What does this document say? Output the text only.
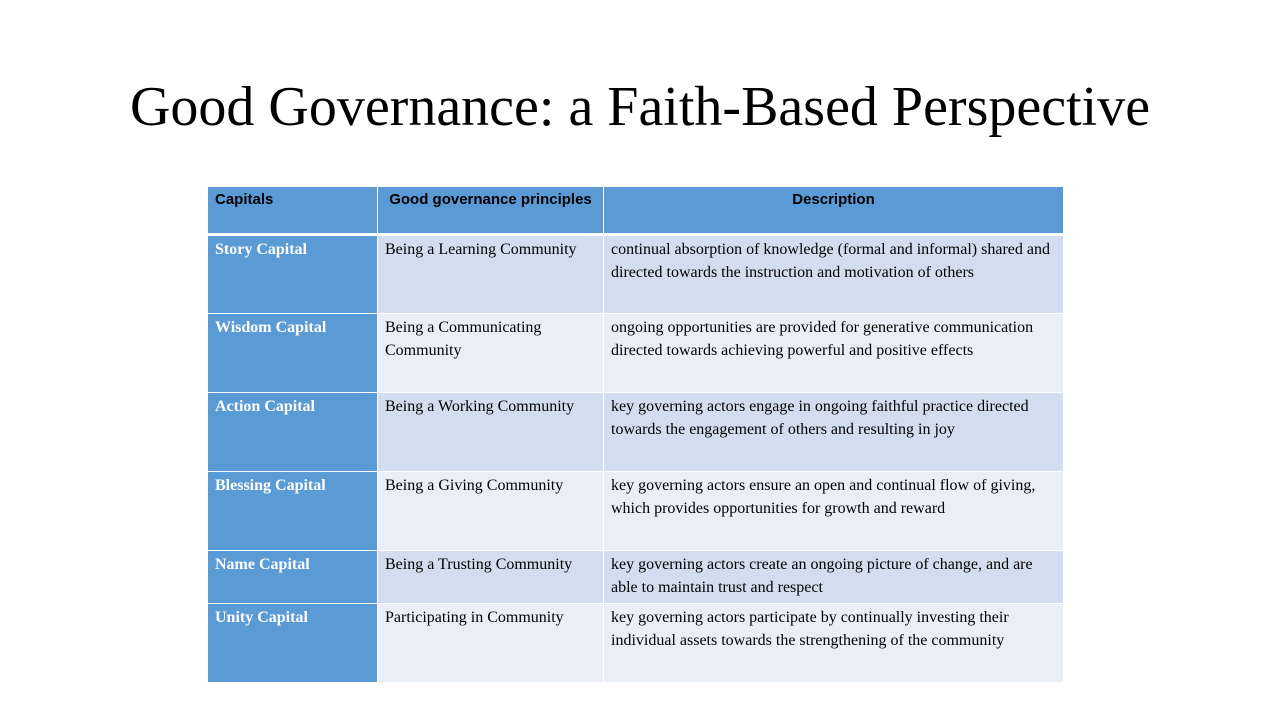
Good Governance: a Faith-Based Perspective
Capitals	Good governance principles	Description
Story Capital	Being a Learning Community	continual absorption of knowledge (formal and informal) shared and directed towards the instruction and motivation of others
Wisdom Capital	Being a Communicating Community	ongoing opportunities are provided for generative communication directed towards achieving powerful and positive effects
Action Capital	Being a Working Community	key governing actors engage in ongoing faithful practice directed towards the engagement of others and resulting in joy
Blessing Capital	Being a Giving Community	key governing actors ensure an open and continual flow of giving, which provides opportunities for growth and reward
Name Capital	Being a Trusting Community	key governing actors create an ongoing picture of change, and are able to maintain trust and respect
Unity Capital	Participating in Community	key governing actors participate by continually investing their individual assets towards the strengthening of the community
